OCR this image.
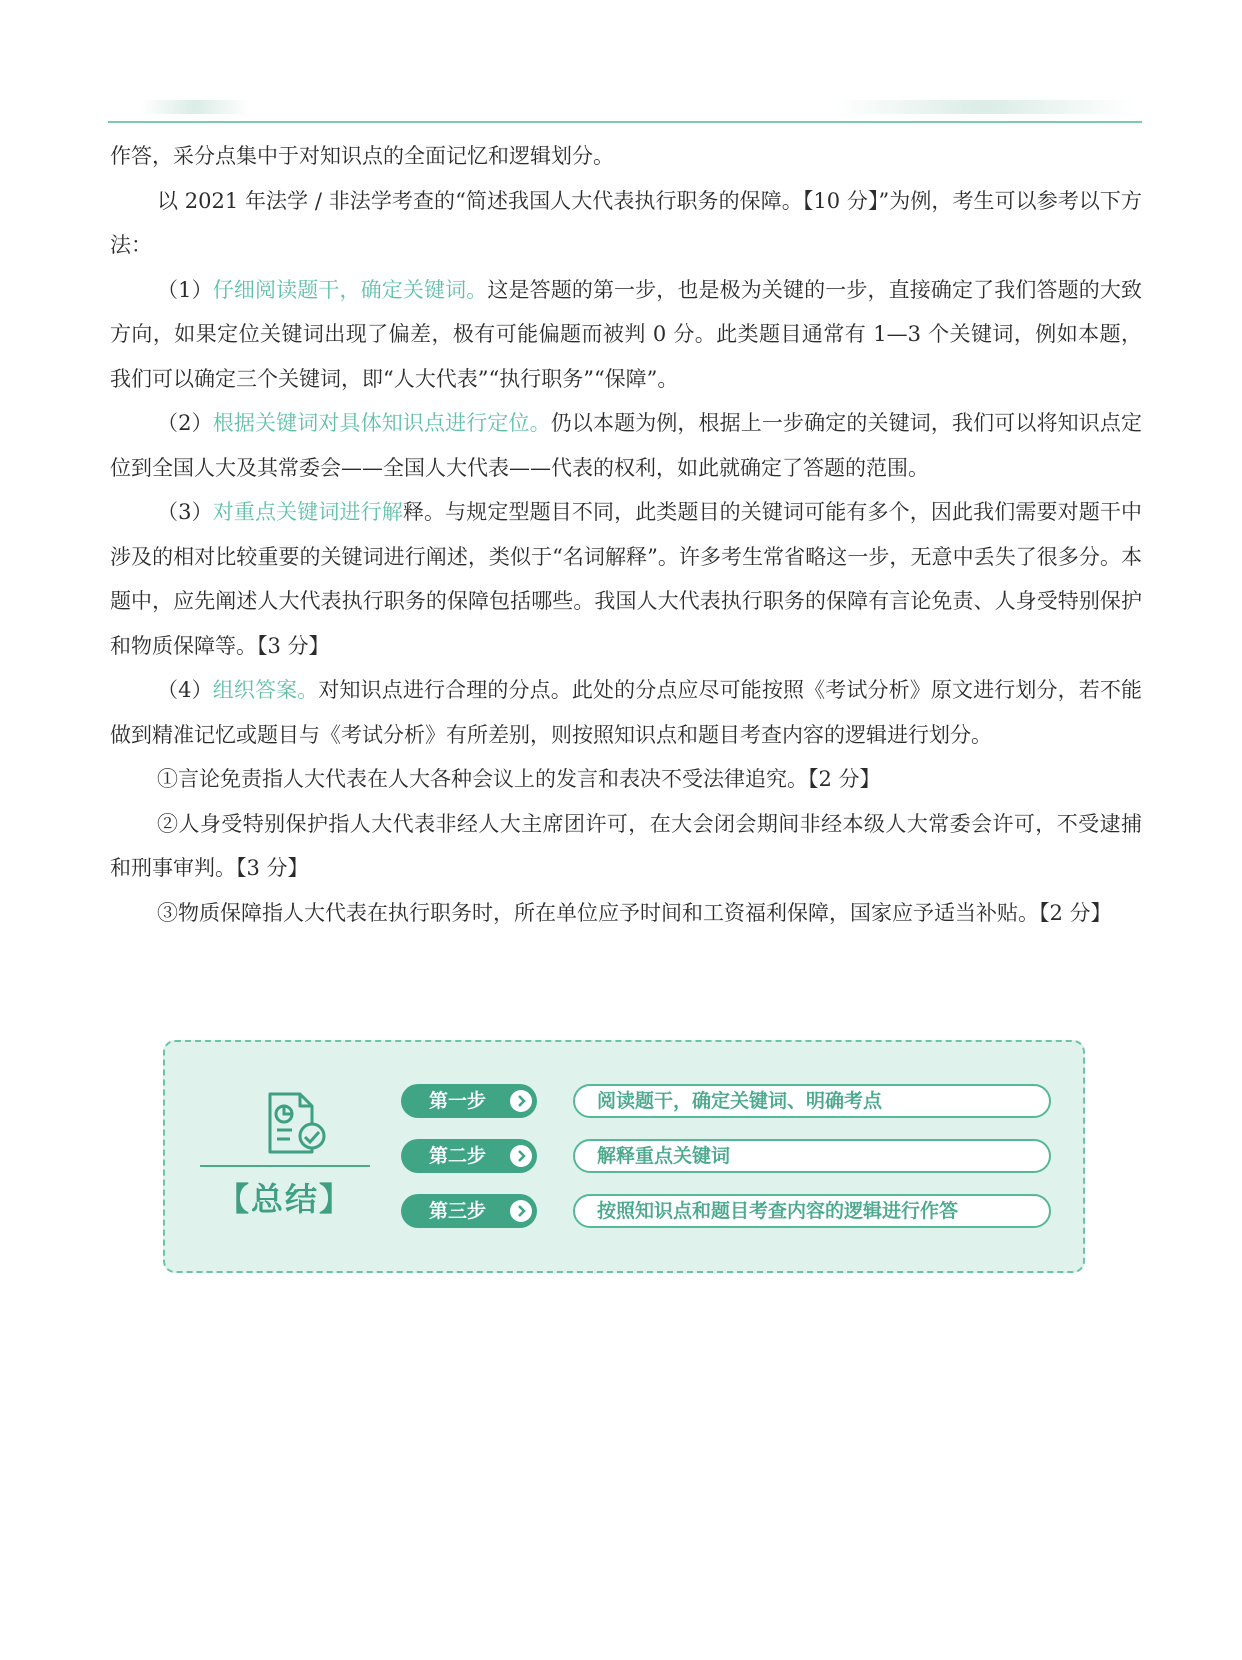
作答，采分点集中于对知识点的全面记忆和逻辑划分。

以 2021 年法学 / 非法学考查的“简述我国人大代表执行职务的保障。【10 分】”为例，考生可以参考以下方法：

（1）仔细阅读题干，确定关键词。这是答题的第一步，也是极为关键的一步，直接确定了我们答题的大致方向，如果定位关键词出现了偏差，极有可能偏题而被判 0 分。此类题目通常有 1—3 个关键词，例如本题，我们可以确定三个关键词，即“人大代表”“执行职务”“保障”。

（2）根据关键词对具体知识点进行定位。仍以本题为例，根据上一步确定的关键词，我们可以将知识点定位到全国人大及其常委会——全国人大代表——代表的权利，如此就确定了答题的范围。

（3）对重点关键词进行解释。与规定型题目不同，此类题目的关键词可能有多个，因此我们需要对题干中涉及的相对比较重要的关键词进行阐述，类似于“名词解释”。许多考生常省略这一步，无意中丢失了很多分。本题中，应先阐述人大代表执行职务的保障包括哪些。我国人大代表执行职务的保障有言论免责、人身受特别保护和物质保障等。【3 分】

（4）组织答案。对知识点进行合理的分点。此处的分点应尽可能按照《考试分析》原文进行划分，若不能做到精准记忆或题目与《考试分析》有所差别，则按照知识点和题目考查内容的逻辑进行划分。

①言论免责指人大代表在人大各种会议上的发言和表决不受法律追究。【2 分】

②人身受特别保护指人大代表非经人大主席团许可，在大会闭会期间非经本级人大常委会许可，不受逮捕和刑事审判。【3 分】

③物质保障指人大代表在执行职务时，所在单位应予时间和工资福利保障，国家应予适当补贴。【2 分】

【总结】
第一步	阅读题干，确定关键词、明确考点
第二步	解释重点关键词
第三步	按照知识点和题目考查内容的逻辑进行作答
